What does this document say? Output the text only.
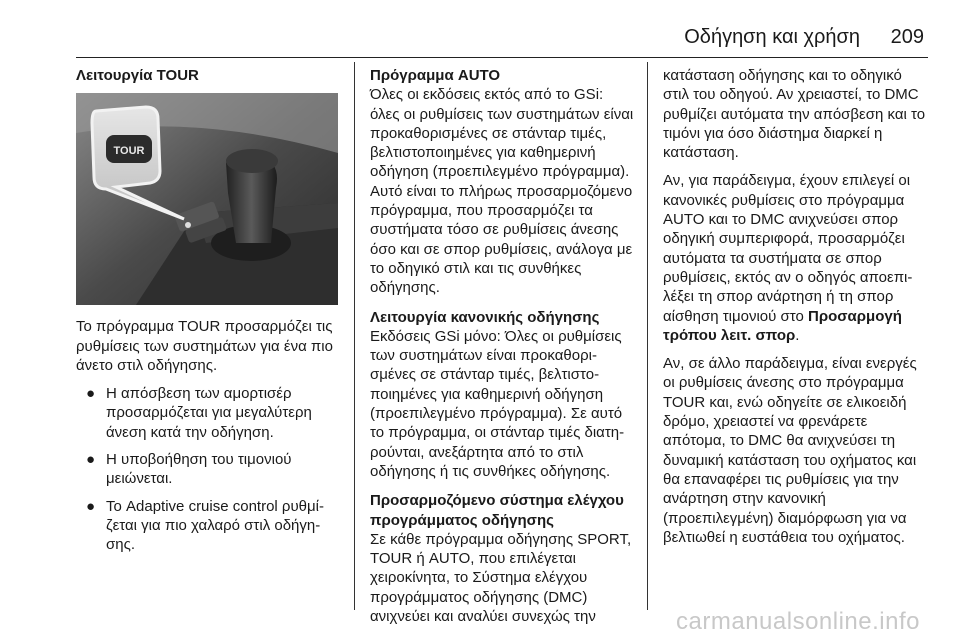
Οδήγηση και χρήση 209
Λειτουργία TOUR
TOUR

Το πρόγραμμα TOUR προσαρμόζει τις ρυθμίσεις των συστημάτων για ένα πιο άνετο στιλ οδήγησης.

● Η απόσβεση των αμορτισέρ προσαρμόζεται για μεγαλύτερη άνεση κατά την οδήγηση.
● Η υποβοήθηση του τιμονιού μειώνεται.
● Το Adaptive cruise control ρυθμίζεται για πιο χαλαρό στιλ οδήγησης.
Πρόγραμμα AUTO

Όλες οι εκδόσεις εκτός από το GSi: όλες οι ρυθμίσεις των συστημάτων είναι προκαθορισμένες σε στάνταρ τιμές, βελτιστοποιημένες για καθημερινή οδήγηση (προεπιλεγμένο πρόγραμμα). Αυτό είναι το πλήρως προσαρμοζόμενο πρόγραμμα, που προσαρμόζει τα συστήματα τόσο σε ρυθμίσεις άνεσης όσο και σε σπορ ρυθμίσεις, ανάλογα με το οδηγικό στιλ και τις συνθήκες οδήγησης.

Λειτουργία κανονικής οδήγησης

Εκδόσεις GSi μόνο: Όλες οι ρυθμίσεις των συστημάτων είναι προκαθορισμένες σε στάνταρ τιμές, βελτιστοποιημένες για καθημερινή οδήγηση (προεπιλεγμένο πρόγραμμα). Σε αυτό το πρόγραμμα, οι στάνταρ τιμές διατηρούνται, ανεξάρτητα από το στιλ οδήγησης ή τις συνθήκες οδήγησης.

Προσαρμοζόμενο σύστημα ελέγχου προγράμματος οδήγησης

Σε κάθε πρόγραμμα οδήγησης SPORT, TOUR ή AUTO, που επιλέγεται χειροκίνητα, το Σύστημα ελέγχου προγράμματος οδήγησης (DMC) ανιχνεύει και αναλύει συνεχώς την

κατάσταση οδήγησης και το οδηγικό στιλ του οδηγού. Αν χρειαστεί, το DMC ρυθμίζει αυτόματα την απόσβεση και το τιμόνι για όσο διάστημα διαρκεί η κατάσταση.

Αν, για παράδειγμα, έχουν επιλεγεί οι κανονικές ρυθμίσεις στο πρόγραμμα AUTO και το DMC ανιχνεύσει σπορ οδηγική συμπεριφορά, προσαρμόζει αυτόματα τα συστήματα σε σπορ ρυθμίσεις, εκτός αν ο οδηγός αποεπιλέξει τη σπορ ανάρτηση ή τη σπορ αίσθηση τιμονιού στο Προσαρμογή τρόπου λειτ. σπορ.

Αν, σε άλλο παράδειγμα, είναι ενεργές οι ρυθμίσεις άνεσης στο πρόγραμμα TOUR και, ενώ οδηγείτε σε ελικοειδή δρόμο, χρειαστεί να φρενάρετε απότομα, το DMC θα ανιχνεύσει τη δυναμική κατάσταση του οχήματος και θα επαναφέρει τις ρυθμίσεις για την ανάρτηση στην κανονική (προεπιλεγμένη) διαμόρφωση για να βελτιωθεί η ευστάθεια του οχήματος.

carmanualsonline.info
